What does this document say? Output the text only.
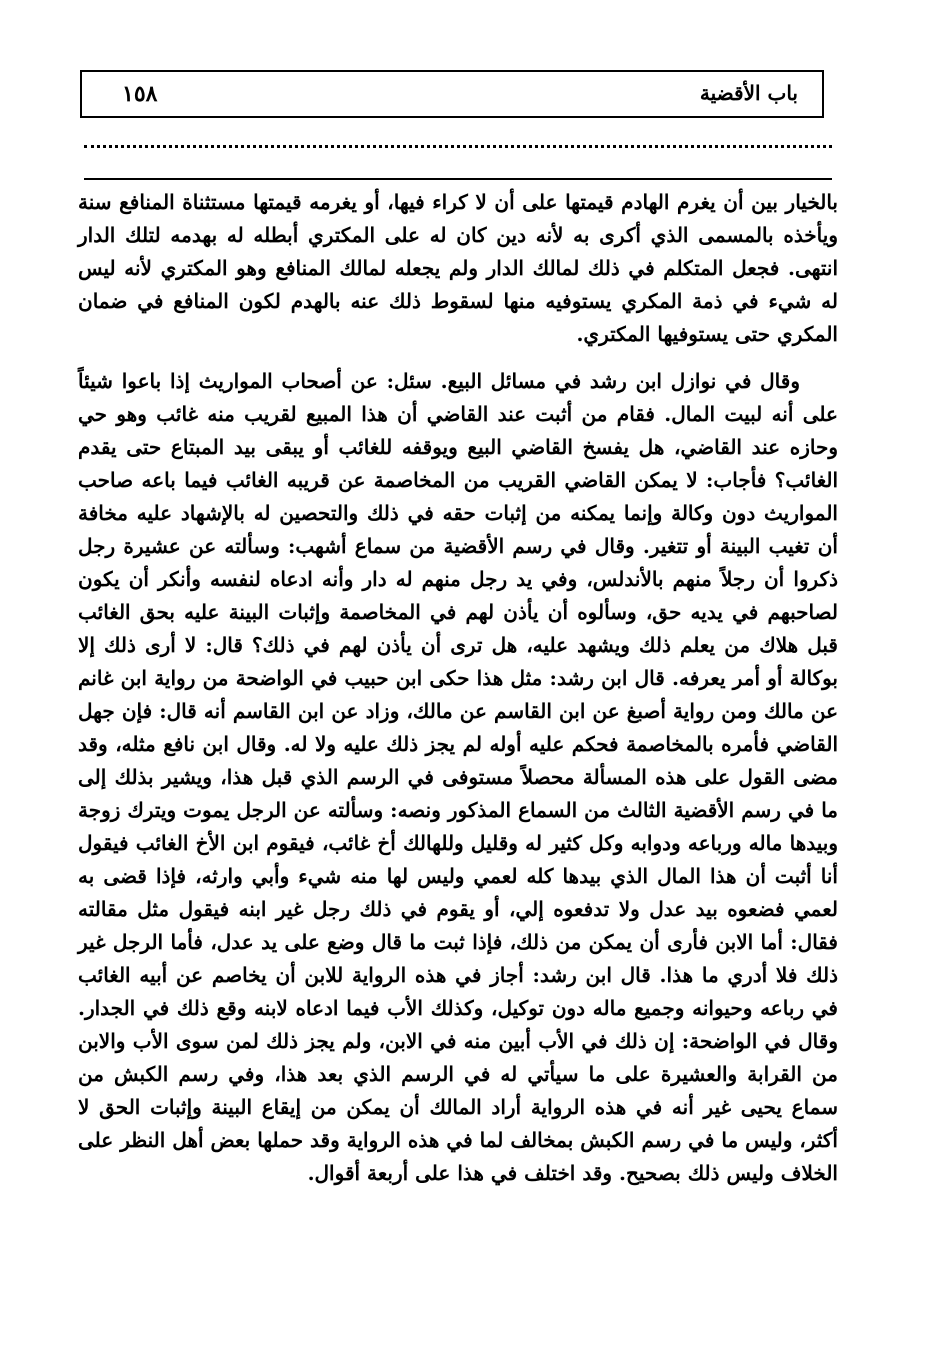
باب الأقضية
١٥٨

بالخيار بين أن يغرم الهادم قيمتها على أن لا كراء فيها، أو يغرمه قيمتها مستثناة المنافع سنة ويأخذه بالمسمى الذي أكرى به لأنه دين كان له على المكتري أبطله له بهدمه لتلك الدار انتهى. فجعل المتكلم في ذلك لمالك الدار ولم يجعله لمالك المنافع وهو المكتري لأنه ليس له شيء في ذمة المكري يستوفيه منها لسقوط ذلك عنه بالهدم لكون المنافع في ضمان المكري حتى يستوفيها المكتري.

وقال في نوازل ابن رشد في مسائل البيع. سئل: عن أصحاب المواريث إذا باعوا شيئاً على أنه لبيت المال. فقام من أثبت عند القاضي أن هذا المبيع لقريب منه غائب وهو حي وحازه عند القاضي، هل يفسخ القاضي البيع ويوقفه للغائب أو يبقى بيد المبتاع حتى يقدم الغائب؟ فأجاب: لا يمكن القاضي القريب من المخاصمة عن قريبه الغائب فيما باعه صاحب المواريث دون وكالة وإنما يمكنه من إثبات حقه في ذلك والتحصين له بالإشهاد عليه مخافة أن تغيب البينة أو تتغير. وقال في رسم الأقضية من سماع أشهب: وسألته عن عشيرة رجل ذكروا أن رجلاً منهم بالأندلس، وفي يد رجل منهم له دار وأنه ادعاه لنفسه وأنكر أن يكون لصاحبهم في يديه حق، وسألوه أن يأذن لهم في المخاصمة وإثبات البينة عليه بحق الغائب قبل هلاك من يعلم ذلك ويشهد عليه، هل ترى أن يأذن لهم في ذلك؟ قال: لا أرى ذلك إلا بوكالة أو أمر يعرفه. قال ابن رشد: مثل هذا حكى ابن حبيب في الواضحة من رواية ابن غانم عن مالك ومن رواية أصبغ عن ابن القاسم عن مالك، وزاد عن ابن القاسم أنه قال: فإن جهل القاضي فأمره بالمخاصمة فحكم عليه أوله لم يجز ذلك عليه ولا له. وقال ابن نافع مثله، وقد مضى القول على هذه المسألة محصلاً مستوفى في الرسم الذي قبل هذا، ويشير بذلك إلى ما في رسم الأقضية الثالث من السماع المذكور ونصه: وسألته عن الرجل يموت ويترك زوجة وبيدها ماله ورباعه ودوابه وكل كثير له وقليل وللهالك أخ غائب، فيقوم ابن الأخ الغائب فيقول أنا أثبت أن هذا المال الذي بيدها كله لعمي وليس لها منه شيء وأبي وارثه، فإذا قضى به لعمي فضعوه بيد عدل ولا تدفعوه إلي، أو يقوم في ذلك رجل غير ابنه فيقول مثل مقالته فقال: أما الابن فأرى أن يمكن من ذلك، فإذا ثبت ما قال وضع على يد عدل، فأما الرجل غير ذلك فلا أدري ما هذا. قال ابن رشد: أجاز في هذه الرواية للابن أن يخاصم عن أبيه الغائب في رباعه وحيوانه وجميع ماله دون توكيل، وكذلك الأب فيما ادعاه لابنه وقع ذلك في الجدار. وقال في الواضحة: إن ذلك في الأب أبين منه في الابن، ولم يجز ذلك لمن سوى الأب والابن من القرابة والعشيرة على ما سيأتي له في الرسم الذي بعد هذا، وفي رسم الكبش من سماع يحيى غير أنه في هذه الرواية أراد المالك أن يمكن من إيقاع البينة وإثبات الحق لا أكثر، وليس ما في رسم الكبش بمخالف لما في هذه الرواية وقد حملها بعض أهل النظر على الخلاف وليس ذلك بصحيح. وقد اختلف في هذا على أربعة أقوال.
